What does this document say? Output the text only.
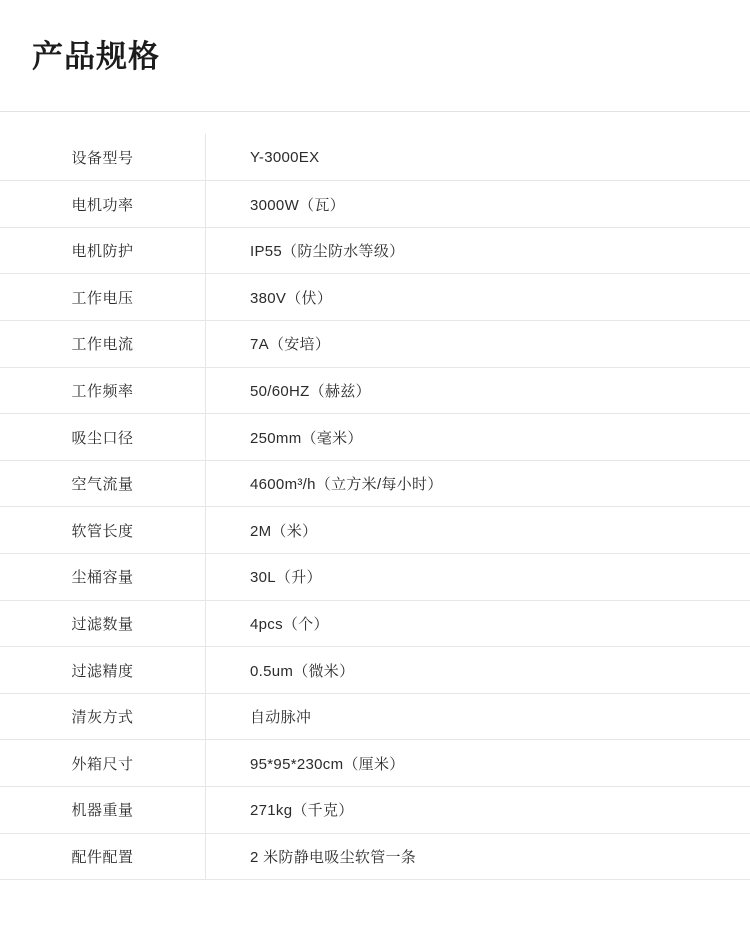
产品规格
设备型号	Y-3000EX
电机功率	3000W（瓦）
电机防护	IP55（防尘防水等级）
工作电压	380V（伏）
工作电流	7A（安培）
工作频率	50/60HZ（赫兹）
吸尘口径	250mm（毫米）
空气流量	4600m³/h（立方米/每小时）
软管长度	2M（米）
尘桶容量	30L（升）
过滤数量	4pcs（个）
过滤精度	0.5um（微米）
清灰方式	自动脉冲
外箱尺寸	95*95*230cm（厘米）
机器重量	271kg（千克）
配件配置	2 米防静电吸尘软管一条
